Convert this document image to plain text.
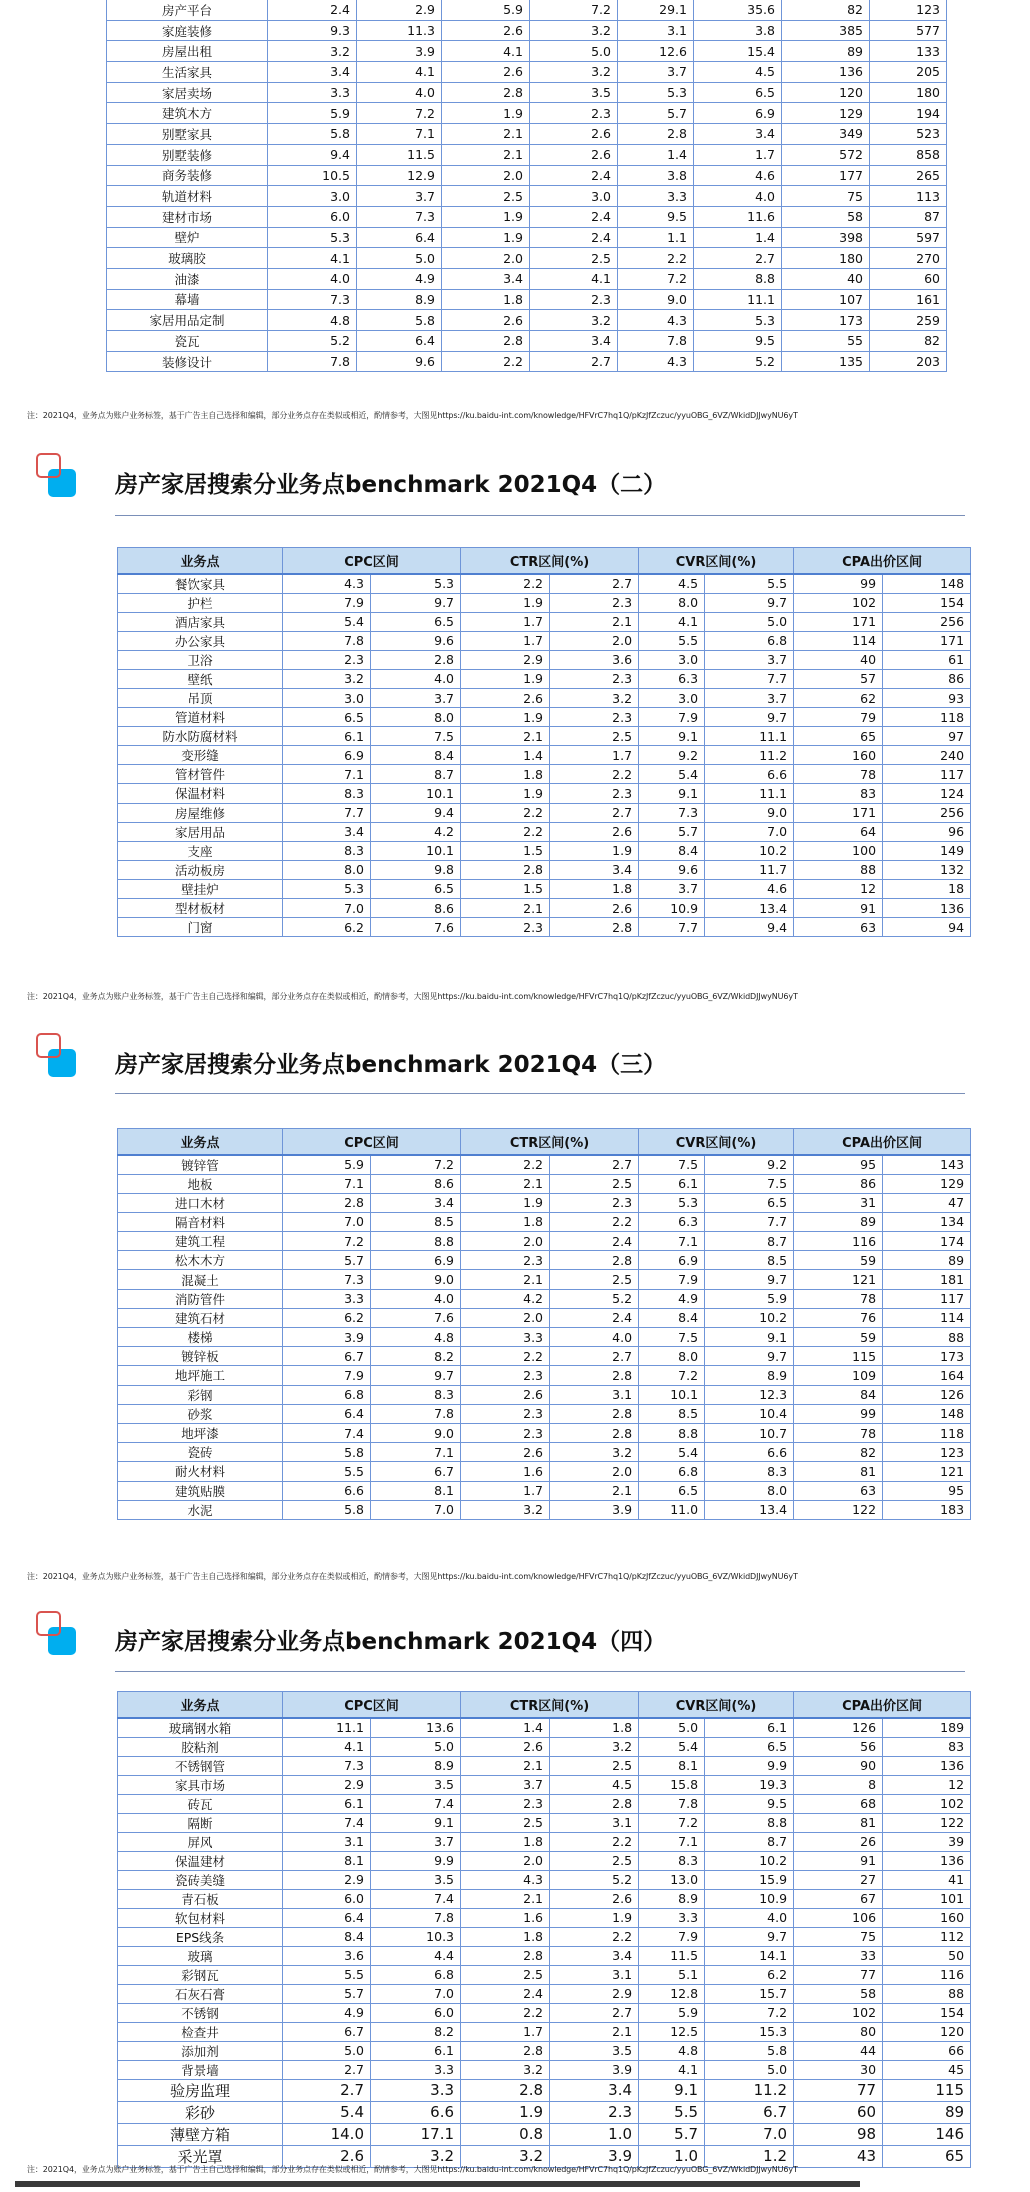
房产平台	2.4	2.9	5.9	7.2	29.1	35.6	82	123
家庭装修	9.3	11.3	2.6	3.2	3.1	3.8	385	577
房屋出租	3.2	3.9	4.1	5.0	12.6	15.4	89	133
生活家具	3.4	4.1	2.6	3.2	3.7	4.5	136	205
家居卖场	3.3	4.0	2.8	3.5	5.3	6.5	120	180
建筑木方	5.9	7.2	1.9	2.3	5.7	6.9	129	194
别墅家具	5.8	7.1	2.1	2.6	2.8	3.4	349	523
别墅装修	9.4	11.5	2.1	2.6	1.4	1.7	572	858
商务装修	10.5	12.9	2.0	2.4	3.8	4.6	177	265
轨道材料	3.0	3.7	2.5	3.0	3.3	4.0	75	113
建材市场	6.0	7.3	1.9	2.4	9.5	11.6	58	87
壁炉	5.3	6.4	1.9	2.4	1.1	1.4	398	597
玻璃胶	4.1	5.0	2.0	2.5	2.2	2.7	180	270
油漆	4.0	4.9	3.4	4.1	7.2	8.8	40	60
幕墙	7.3	8.9	1.8	2.3	9.0	11.1	107	161
家居用品定制	4.8	5.8	2.6	3.2	4.3	5.3	173	259
瓷瓦	5.2	6.4	2.8	3.4	7.8	9.5	55	82
装修设计	7.8	9.6	2.2	2.7	4.3	5.2	135	203
注：2021Q4，业务点为账户业务标签，基于广告主自己选择和编辑，部分业务点存在类似或相近，酌情参考，大图见https://ku.baidu-int.com/knowledge/HFVrC7hq1Q/pKzJfZczuc/yyuOBG_6VZ/WkidDJJwyNU6yT
房产家居搜索分业务点benchmark 2021Q4（二）
业务点	CPC区间		CTR区间(%)		CVR区间(%)		CPA出价区间	
餐饮家具	4.3	5.3	2.2	2.7	4.5	5.5	99	148
护栏	7.9	9.7	1.9	2.3	8.0	9.7	102	154
酒店家具	5.4	6.5	1.7	2.1	4.1	5.0	171	256
办公家具	7.8	9.6	1.7	2.0	5.5	6.8	114	171
卫浴	2.3	2.8	2.9	3.6	3.0	3.7	40	61
壁纸	3.2	4.0	1.9	2.3	6.3	7.7	57	86
吊顶	3.0	3.7	2.6	3.2	3.0	3.7	62	93
管道材料	6.5	8.0	1.9	2.3	7.9	9.7	79	118
防水防腐材料	6.1	7.5	2.1	2.5	9.1	11.1	65	97
变形缝	6.9	8.4	1.4	1.7	9.2	11.2	160	240
管材管件	7.1	8.7	1.8	2.2	5.4	6.6	78	117
保温材料	8.3	10.1	1.9	2.3	9.1	11.1	83	124
房屋维修	7.7	9.4	2.2	2.7	7.3	9.0	171	256
家居用品	3.4	4.2	2.2	2.6	5.7	7.0	64	96
支座	8.3	10.1	1.5	1.9	8.4	10.2	100	149
活动板房	8.0	9.8	2.8	3.4	9.6	11.7	88	132
壁挂炉	5.3	6.5	1.5	1.8	3.7	4.6	12	18
型材板材	7.0	8.6	2.1	2.6	10.9	13.4	91	136
门窗	6.2	7.6	2.3	2.8	7.7	9.4	63	94
注：2021Q4，业务点为账户业务标签，基于广告主自己选择和编辑，部分业务点存在类似或相近，酌情参考，大图见https://ku.baidu-int.com/knowledge/HFVrC7hq1Q/pKzJfZczuc/yyuOBG_6VZ/WkidDJJwyNU6yT
房产家居搜索分业务点benchmark 2021Q4（三）
业务点	CPC区间		CTR区间(%)		CVR区间(%)		CPA出价区间	
镀锌管	5.9	7.2	2.2	2.7	7.5	9.2	95	143
地板	7.1	8.6	2.1	2.5	6.1	7.5	86	129
进口木材	2.8	3.4	1.9	2.3	5.3	6.5	31	47
隔音材料	7.0	8.5	1.8	2.2	6.3	7.7	89	134
建筑工程	7.2	8.8	2.0	2.4	7.1	8.7	116	174
松木木方	5.7	6.9	2.3	2.8	6.9	8.5	59	89
混凝土	7.3	9.0	2.1	2.5	7.9	9.7	121	181
消防管件	3.3	4.0	4.2	5.2	4.9	5.9	78	117
建筑石材	6.2	7.6	2.0	2.4	8.4	10.2	76	114
楼梯	3.9	4.8	3.3	4.0	7.5	9.1	59	88
镀锌板	6.7	8.2	2.2	2.7	8.0	9.7	115	173
地坪施工	7.9	9.7	2.3	2.8	7.2	8.9	109	164
彩钢	6.8	8.3	2.6	3.1	10.1	12.3	84	126
砂浆	6.4	7.8	2.3	2.8	8.5	10.4	99	148
地坪漆	7.4	9.0	2.3	2.8	8.8	10.7	78	118
瓷砖	5.8	7.1	2.6	3.2	5.4	6.6	82	123
耐火材料	5.5	6.7	1.6	2.0	6.8	8.3	81	121
建筑贴膜	6.6	8.1	1.7	2.1	6.5	8.0	63	95
水泥	5.8	7.0	3.2	3.9	11.0	13.4	122	183
注：2021Q4，业务点为账户业务标签，基于广告主自己选择和编辑，部分业务点存在类似或相近，酌情参考，大图见https://ku.baidu-int.com/knowledge/HFVrC7hq1Q/pKzJfZczuc/yyuOBG_6VZ/WkidDJJwyNU6yT
房产家居搜索分业务点benchmark 2021Q4（四）
业务点	CPC区间		CTR区间(%)		CVR区间(%)		CPA出价区间	
玻璃钢水箱	11.1	13.6	1.4	1.8	5.0	6.1	126	189
胶粘剂	4.1	5.0	2.6	3.2	5.4	6.5	56	83
不锈钢管	7.3	8.9	2.1	2.5	8.1	9.9	90	136
家具市场	2.9	3.5	3.7	4.5	15.8	19.3	8	12
砖瓦	6.1	7.4	2.3	2.8	7.8	9.5	68	102
隔断	7.4	9.1	2.5	3.1	7.2	8.8	81	122
屏风	3.1	3.7	1.8	2.2	7.1	8.7	26	39
保温建材	8.1	9.9	2.0	2.5	8.3	10.2	91	136
瓷砖美缝	2.9	3.5	4.3	5.2	13.0	15.9	27	41
青石板	6.0	7.4	2.1	2.6	8.9	10.9	67	101
软包材料	6.4	7.8	1.6	1.9	3.3	4.0	106	160
EPS线条	8.4	10.3	1.8	2.2	7.9	9.7	75	112
玻璃	3.6	4.4	2.8	3.4	11.5	14.1	33	50
彩钢瓦	5.5	6.8	2.5	3.1	5.1	6.2	77	116
石灰石膏	5.7	7.0	2.4	2.9	12.8	15.7	58	88
不锈钢	4.9	6.0	2.2	2.7	5.9	7.2	102	154
检查井	6.7	8.2	1.7	2.1	12.5	15.3	80	120
添加剂	5.0	6.1	2.8	3.5	4.8	5.8	44	66
背景墙	2.7	3.3	3.2	3.9	4.1	5.0	30	45
验房监理	2.7	3.3	2.8	3.4	9.1	11.2	77	115
彩砂	5.4	6.6	1.9	2.3	5.5	6.7	60	89
薄壁方箱	14.0	17.1	0.8	1.0	5.7	7.0	98	146
采光罩	2.6	3.2	3.2	3.9	1.0	1.2	43	65
注：2021Q4，业务点为账户业务标签，基于广告主自己选择和编辑，部分业务点存在类似或相近，酌情参考，大图见https://ku.baidu-int.com/knowledge/HFVrC7hq1Q/pKzJfZczuc/yyuOBG_6VZ/WkidDJJwyNU6yT
